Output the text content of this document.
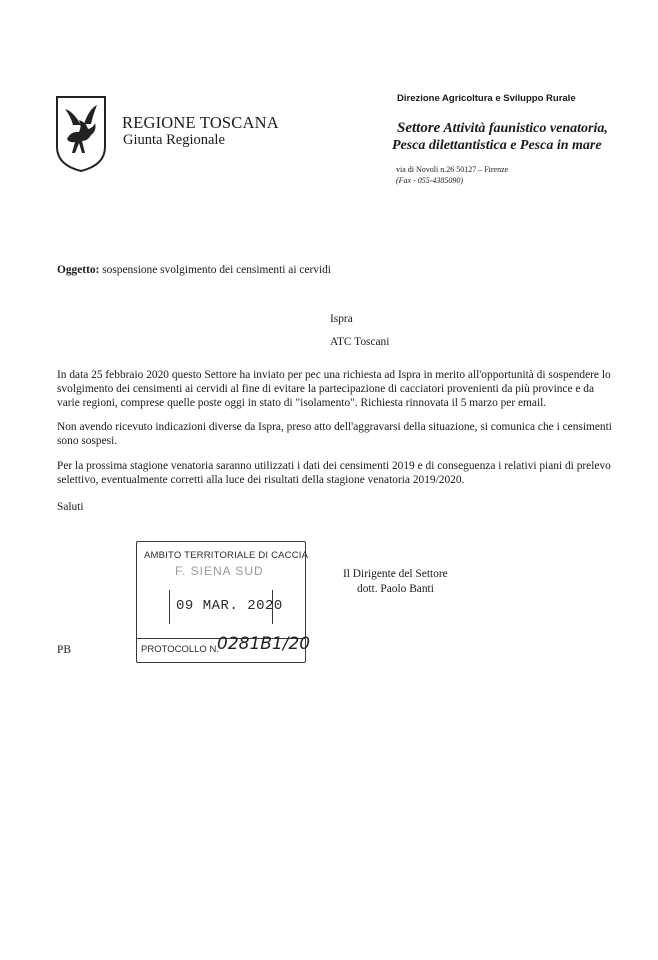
REGIONE TOSCANA
Giunta Regionale
Direzione Agricoltura e Sviluppo Rurale
Settore Attività faunistico venatoria,
Pesca dilettantistica e Pesca in mare
via di Novoli n.26 50127 – Firenze
(Fax - 055-4385090)
Oggetto: sospensione svolgimento dei censimenti ai cervidi
Ispra
ATC Toscani
In data 25 febbraio 2020 questo Settore ha inviato per pec una richiesta ad Ispra in merito all'opportunità di sospendere lo svolgimento dei censimenti ai cervidi al fine di evitare la partecipazione di cacciatori provenienti da più province e da varie regioni, comprese quelle poste oggi in stato di "isolamento". Richiesta rinnovata il 5 marzo per email.
Non avendo ricevuto indicazioni diverse da Ispra, preso atto dell'aggravarsi della situazione, si comunica che i censimenti sono sospesi.
Per la prossima stagione venatoria saranno utilizzati i dati dei censimenti 2019 e di conseguenza i relativi piani di prelevo selettivo, eventualmente corretti alla luce dei risultati della stagione venatoria 2019/2020.
Saluti
Il Dirigente del Settore
dott. Paolo Banti
AMBITO TERRITORIALE DI CACCIA
F. SIENA SUD
09 MAR. 2020
PROTOCOLLO N.
0281B1/20
PB
